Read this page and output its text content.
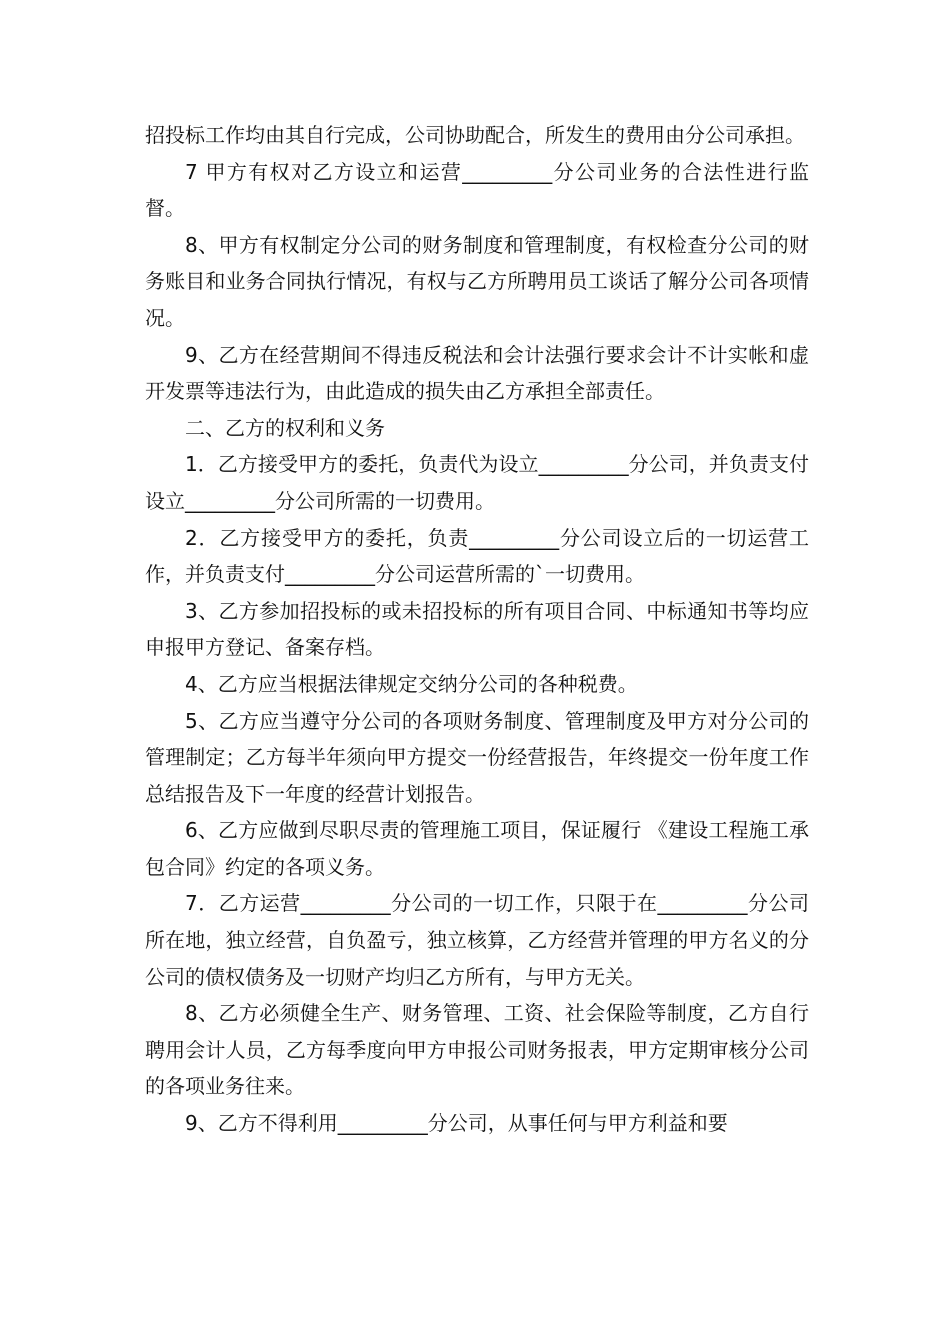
招投标工作均由其自行完成，公司协助配合，所发生的费用由分公司承担。

7 甲方有权对乙方设立和运营_________分公司业务的合法性进行监督。

8、甲方有权制定分公司的财务制度和管理制度，有权检查分公司的财务账目和业务合同执行情况，有权与乙方所聘用员工谈话了解分公司各项情况。

9、乙方在经营期间不得违反税法和会计法强行要求会计不计实帐和虚开发票等违法行为，由此造成的损失由乙方承担全部责任。

二、乙方的权利和义务

1．乙方接受甲方的委托，负责代为设立_________分公司，并负责支付设立_________分公司所需的一切费用。

2．乙方接受甲方的委托，负责_________分公司设立后的一切运营工作，并负责支付_________分公司运营所需的`一切费用。

3、乙方参加招投标的或未招投标的所有项目合同、中标通知书等均应申报甲方登记、备案存档。

4、乙方应当根据法律规定交纳分公司的各种税费。

5、乙方应当遵守分公司的各项财务制度、管理制度及甲方对分公司的管理制定；乙方每半年须向甲方提交一份经营报告，年终提交一份年度工作总结报告及下一年度的经营计划报告。

6、乙方应做到尽职尽责的管理施工项目，保证履行 《建设工程施工承包合同》约定的各项义务。

7．乙方运营_________分公司的一切工作，只限于在_________分公司所在地，独立经营，自负盈亏，独立核算，乙方经营并管理的甲方名义的分公司的债权债务及一切财产均归乙方所有，与甲方无关。

8、乙方必须健全生产、财务管理、工资、社会保险等制度，乙方自行聘用会计人员，乙方每季度向甲方申报公司财务报表，甲方定期审核分公司的各项业务往来。

9、乙方不得利用_________分公司，从事任何与甲方利益和要
